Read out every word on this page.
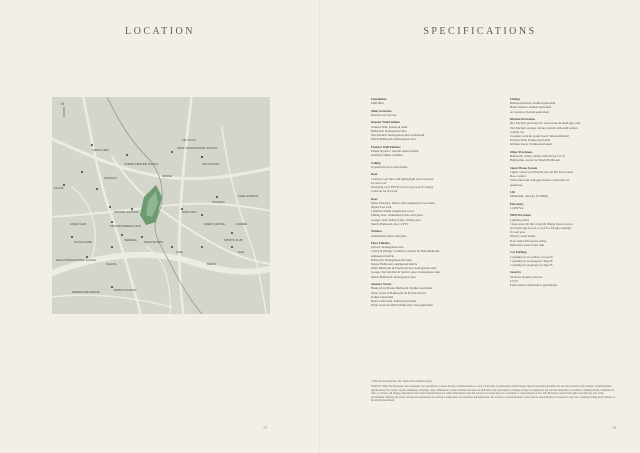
LOCATION	SPECIFICATIONS
N
SAINT INTERNATIONAL SCHOOL
JOSEPH KIRSTINE SCHOOL
SIR TOOLS
KALI SCHOOL
A BIRTH NEW
SCHOOLS
SCHOOLS
PRIVATE LOCATION
POLICE
PRIVATE MODERN CAFE
TERMINAL
JAKES CLUB
BRIDGE
AMEDO CENTRE	CARMEN
RONA HIGH
DAVID SPORTS
POLICE HOME
CAFE	FUEL
SCHOOL	BARKS
SPORTS CLUB
DELHI INTERNATIONAL SCHOOL
CARE HOSPITAL
FARMHOUSE AVENUE
SPORTS SCHOOL
Foundation
Mild Piles
Main Structure
Reinforced Concrete
Interior Wall Finishes
General Wall: plaster & paint
Bathroom: homogenous tiles
Wet Kitchen: homogenous tiles backsplash
Maid's Bathroom: homogenous tiles
Exterior Wall Finishes
Plaster & paint / smooth texture finish
Artificial timber cladding
Ceiling
Gypsum board to paint finish
Roof
Concrete roof tiles with lightweight steel structure
for tiles roof
Overhang roof: EPVD roof for eave porch canopy
Concrete for flat roof
Door
Main: Entrance: timber solid engineered wood skin,
digital door lock
Laminate timber engineered wood
Sliding door: aluminium frame with glass
Garage: steel sliding frame, sliding door
Maid's Bathroom door: UPVC
Window
Aluminium frame with glass
Floor Finishes
Terrace: homogenous tiles
Living & Dining, Common Corridor & Main Bedroom:
engineered marble
Bathroom: homogenous flooring
Master Bathroom: engineered marble
Other Bathroom & Powder Room: homogenous tiles
Garage, Wet Kitchen & Service Area: homogenous tiles
Maid's Bathroom: homogenous tiles
Sanitary Wares
Basin tab in Master Bathroom: Kohler/equivalent
Water closet in Bathrooms & Powder Room:
Kohler/equivalent
Hand wash basin: Kohler/equivalent
Water closet in Maid's Bathroom: Toto/equivalent
Fittings
Bathroom fixture: Kohler/equivalent
Basin fixtures: Kohler/equivalent
Accessories: Kohler/equivalent
Kitchen Provisions
Dry Kitchen: provision for clean water & drain pipe only
Wet Kitchen: storage cabinet system with solid surface
counter top
Cooking: oven & cooker hood: Teka/equivalent
Kitchen Sink: Franke/equivalent
Kitchen faucet: Franke/equivalent
Other Provisions
Bathroom: vanity cabinet with mirror for all
Bathrooms, except for Maid's Bathroom
Smart Home System
Lights control at Living Room and Bar Porch Area
Door control
Video intercom with guest house connection for
gatehouse
Lift
Mitsubishi, capacity for 900kg
Electricity
11,000 VA
MEP Provisions
Lighting points
Clean water till the Living & Dining Room, power
provision and Access to roof for All pipe running
To roof area
Electric water heater
Roof tank with booster pump
Individual water water tank
Car Parking
2 parking for an outdoor car porch
1 parking for in garage for Type B
2 parking for in garage for Type B
Security
24-hours security services
CCTV
Panic button connected to guardhouse

*This data and purposes only. Terms and Conditions apply.

NOTICE: While the Developer uses reasonable care and efforts to ensure that the contents herein are correct at the time of publication, the Developer shall not be held responsible for any inaccuracies in the contents. All information, specifications, floor plans, layout, renderings, drawings, areas, dimensions, colours, finishes and sizes are indicative only and subject to changes as may be required by the relevant authorities or architects. Nothing herein constitutes an offer or contract. All images, illustrations and visual representations are artist's impressions only and are not to be relied upon as a statement or representation of fact. The Developer reserves the right to modify any part of the development without prior notice. Prospective purchasers are advised to make their own enquiries and inspections. No warranty or representation is given and no responsibility is accepted for any loss or damage arising from reliance on the information herein.

13	14
